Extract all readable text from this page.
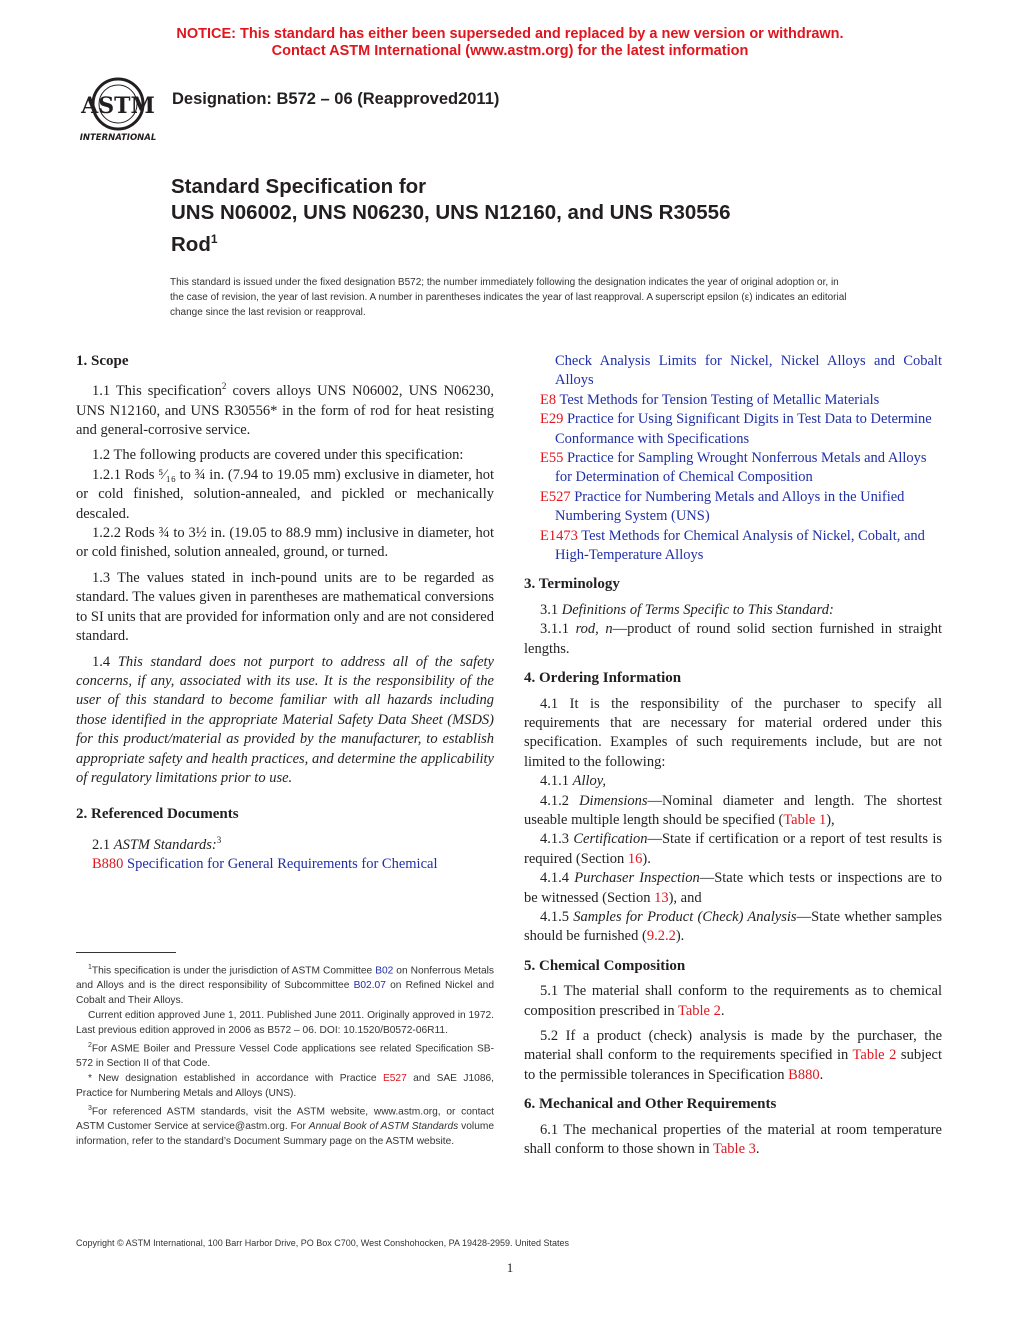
NOTICE: This standard has either been superseded and replaced by a new version or withdrawn.
Contact ASTM International (www.astm.org) for the latest information
ASTM
INTERNATIONAL
Designation: B572 – 06 (Reapproved2011)
Standard Specification for
UNS N06002, UNS N06230, UNS N12160, and UNS R30556
Rod$^1$
This standard is issued under the fixed designation B572; the number immediately following the designation indicates the year of original adoption or, in the case of revision, the year of last revision. A number in parentheses indicates the year of last reapproval. A superscript epsilon (ε) indicates an editorial change since the last revision or reapproval.

1. Scope

1.1 This specification$^2$ covers alloys UNS N06002, UNS N06230, UNS N12160, and UNS R30556* in the form of rod for heat resisting and general-corrosive service.

1.2 The following products are covered under this specification:

1.2.1 Rods ⁵⁄₁₆ to ¾ in. (7.94 to 19.05 mm) exclusive in diameter, hot or cold finished, solution-annealed, and pickled or mechanically descaled.

1.2.2 Rods ¾ to 3½ in. (19.05 to 88.9 mm) inclusive in diameter, hot or cold finished, solution annealed, ground, or turned.

1.3 The values stated in inch-pound units are to be regarded as standard. The values given in parentheses are mathematical conversions to SI units that are provided for information only and are not considered standard.

1.4 This standard does not purport to address all of the safety concerns, if any, associated with its use. It is the responsibility of the user of this standard to become familiar with all hazards including those identified in the appropriate Material Safety Data Sheet (MSDS) for this product/material as provided by the manufacturer, to establish appropriate safety and health practices, and determine the applicability of regulatory limitations prior to use.

2. Referenced Documents

2.1 ASTM Standards:$^3$

B880 Specification for General Requirements for Chemical

$^1$This specification is under the jurisdiction of ASTM Committee B02 on Nonferrous Metals and Alloys and is the direct responsibility of Subcommittee B02.07 on Refined Nickel and Cobalt and Their Alloys.

Current edition approved June 1, 2011. Published June 2011. Originally approved in 1972. Last previous edition approved in 2006 as B572 – 06. DOI: 10.1520/B0572-06R11.

$^2$For ASME Boiler and Pressure Vessel Code applications see related Specification SB-572 in Section II of that Code.

* New designation established in accordance with Practice E527 and SAE J1086, Practice for Numbering Metals and Alloys (UNS).

$^3$For referenced ASTM standards, visit the ASTM website, www.astm.org, or contact ASTM Customer Service at service@astm.org. For Annual Book of ASTM Standards volume information, refer to the standard’s Document Summary page on the ASTM website.

Check Analysis Limits for Nickel, Nickel Alloys and Cobalt Alloys

E8 Test Methods for Tension Testing of Metallic Materials

E29 Practice for Using Significant Digits in Test Data to Determine Conformance with Specifications

E55 Practice for Sampling Wrought Nonferrous Metals and Alloys for Determination of Chemical Composition

E527 Practice for Numbering Metals and Alloys in the Unified Numbering System (UNS)

E1473 Test Methods for Chemical Analysis of Nickel, Cobalt, and High-Temperature Alloys

3. Terminology

3.1 Definitions of Terms Specific to This Standard:

3.1.1 rod, n—product of round solid section furnished in straight lengths.

4. Ordering Information

4.1 It is the responsibility of the purchaser to specify all requirements that are necessary for material ordered under this specification. Examples of such requirements include, but are not limited to the following:

4.1.1 Alloy,

4.1.2 Dimensions—Nominal diameter and length. The shortest useable multiple length should be specified (Table 1),

4.1.3 Certification—State if certification or a report of test results is required (Section 16).

4.1.4 Purchaser Inspection—State which tests or inspections are to be witnessed (Section 13), and

4.1.5 Samples for Product (Check) Analysis—State whether samples should be furnished (9.2.2).

5. Chemical Composition

5.1 The material shall conform to the requirements as to chemical composition prescribed in Table 2.

5.2 If a product (check) analysis is made by the purchaser, the material shall conform to the requirements specified in Table 2 subject to the permissible tolerances in Specification B880.

6. Mechanical and Other Requirements

6.1 The mechanical properties of the material at room temperature shall conform to those shown in Table 3.

Copyright © ASTM International, 100 Barr Harbor Drive, PO Box C700, West Conshohocken, PA 19428-2959. United States
1
